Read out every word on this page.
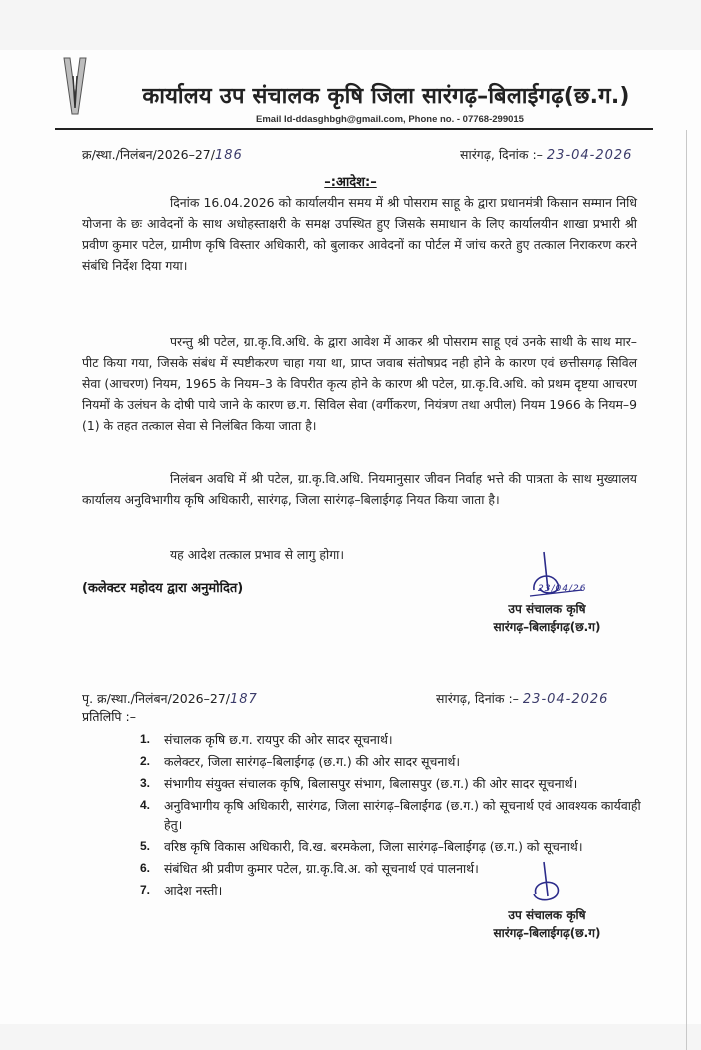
कार्यालय उप संचालक कृषि जिला सारंगढ़–बिलाईगढ़(छ.ग.)
Email Id-ddasghbgh@gmail.com, Phone no. - 07768-299015
क्र/स्था./निलंबन/2026–27/186	सारंगढ़, दिनांक :– 23-04-2026
–:आदेश:–

दिनांक 16.04.2026 को कार्यालयीन समय में श्री पोसराम साहू के द्वारा प्रधानमंत्री किसान सम्मान निधि योजना के छः आवेदनों के साथ अधोहस्ताक्षरी के समक्ष उपस्थित हुए जिसके समाधान के लिए कार्यालयीन शाखा प्रभारी श्री प्रवीण कुमार पटेल, ग्रामीण कृषि विस्तार अधिकारी, को बुलाकर आवेदनों का पोर्टल में जांच करते हुए तत्काल निराकरण करने संबंधि निर्देश दिया गया।

परन्तु श्री पटेल, ग्रा.कृ.वि.अधि. के द्वारा आवेश में आकर श्री पोसराम साहू एवं उनके साथी के साथ मार–पीट किया गया, जिसके संबंध में स्पष्टीकरण चाहा गया था, प्राप्त जवाब संतोषप्रद नही होने के कारण एवं छत्तीसगढ़ सिविल सेवा (आचरण) नियम, 1965 के नियम–3 के विपरीत कृत्य होने के कारण श्री पटेल, ग्रा.कृ.वि.अधि. को प्रथम दृष्टया आचरण नियमों के उलंघन के दोषी पाये जाने के कारण छ.ग. सिविल सेवा (वर्गीकरण, नियंत्रण तथा अपील) नियम 1966 के नियम–9 (1) के तहत तत्काल सेवा से निलंबित किया जाता है।

निलंबन अवधि में श्री पटेल, ग्रा.कृ.वि.अधि. नियमानुसार जीवन निर्वाह भत्ते की पात्रता के साथ मुख्यालय कार्यालय अनुविभागीय कृषि अधिकारी, सारंगढ़, जिला सारंगढ़–बिलाईगढ़ नियत किया जाता है।

यह आदेश तत्काल प्रभाव से लागु होगा।

(कलेक्टर महोदय द्वारा अनुमोदित)	23/04/26
उप संचालक कृषि
सारंगढ़–बिलाईगढ़(छ.ग)
पृ. क्र/स्था./निलंबन/2026–27/187	सारंगढ़, दिनांक :– 23-04-2026
प्रतिलिपि :–
1. संचालक कृषि छ.ग. रायपुर की ओर सादर सूचनार्थ।
2. कलेक्टर, जिला सारंगढ़–बिलाईगढ़ (छ.ग.) की ओर सादर सूचनार्थ।
3. संभागीय संयुक्त संचालक कृषि, बिलासपुर संभाग, बिलासपुर (छ.ग.) की ओर सादर सूचनार्थ।
4. अनुविभागीय कृषि अधिकारी, सारंगढ, जिला सारंगढ़–बिलाईगढ (छ.ग.) को सूचनार्थ एवं आवश्यक कार्यवाही हेतु।
5. वरिष्ठ कृषि विकास अधिकारी, वि.ख. बरमकेला, जिला सारंगढ़–बिलाईगढ़ (छ.ग.) को सूचनार्थ।
6. संबंधित श्री प्रवीण कुमार पटेल, ग्रा.कृ.वि.अ. को सूचनार्थ एवं पालनार्थ।
7. आदेश नस्ती।
उप संचालक कृषि
सारंगढ़–बिलाईगढ़(छ.ग)
